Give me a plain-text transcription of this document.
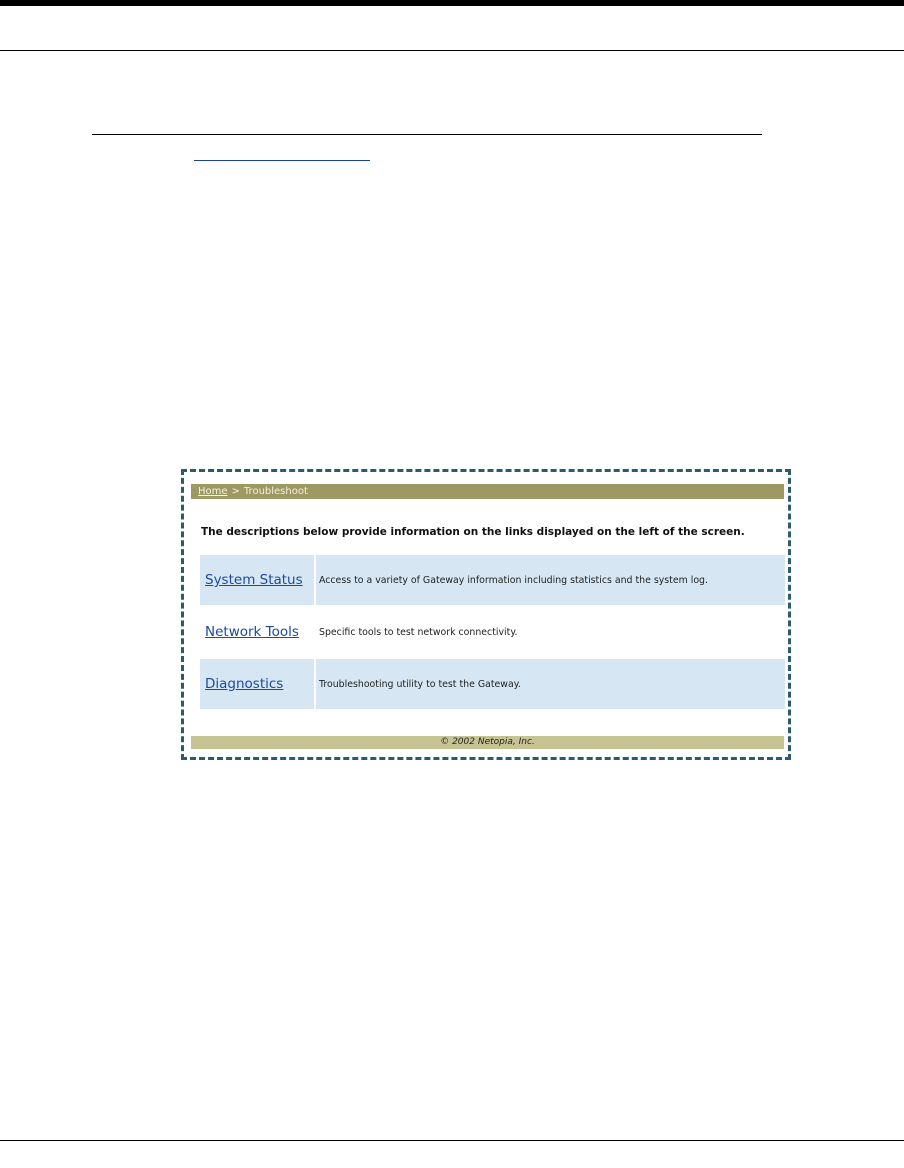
Home > Troubleshoot
The descriptions below provide information on the links displayed on the left of the screen.
System Status	Access to a variety of Gateway information including statistics and the system log.
Network Tools	Specific tools to test network connectivity.
Diagnostics	Troubleshooting utility to test the Gateway.
© 2002 Netopia, Inc.
